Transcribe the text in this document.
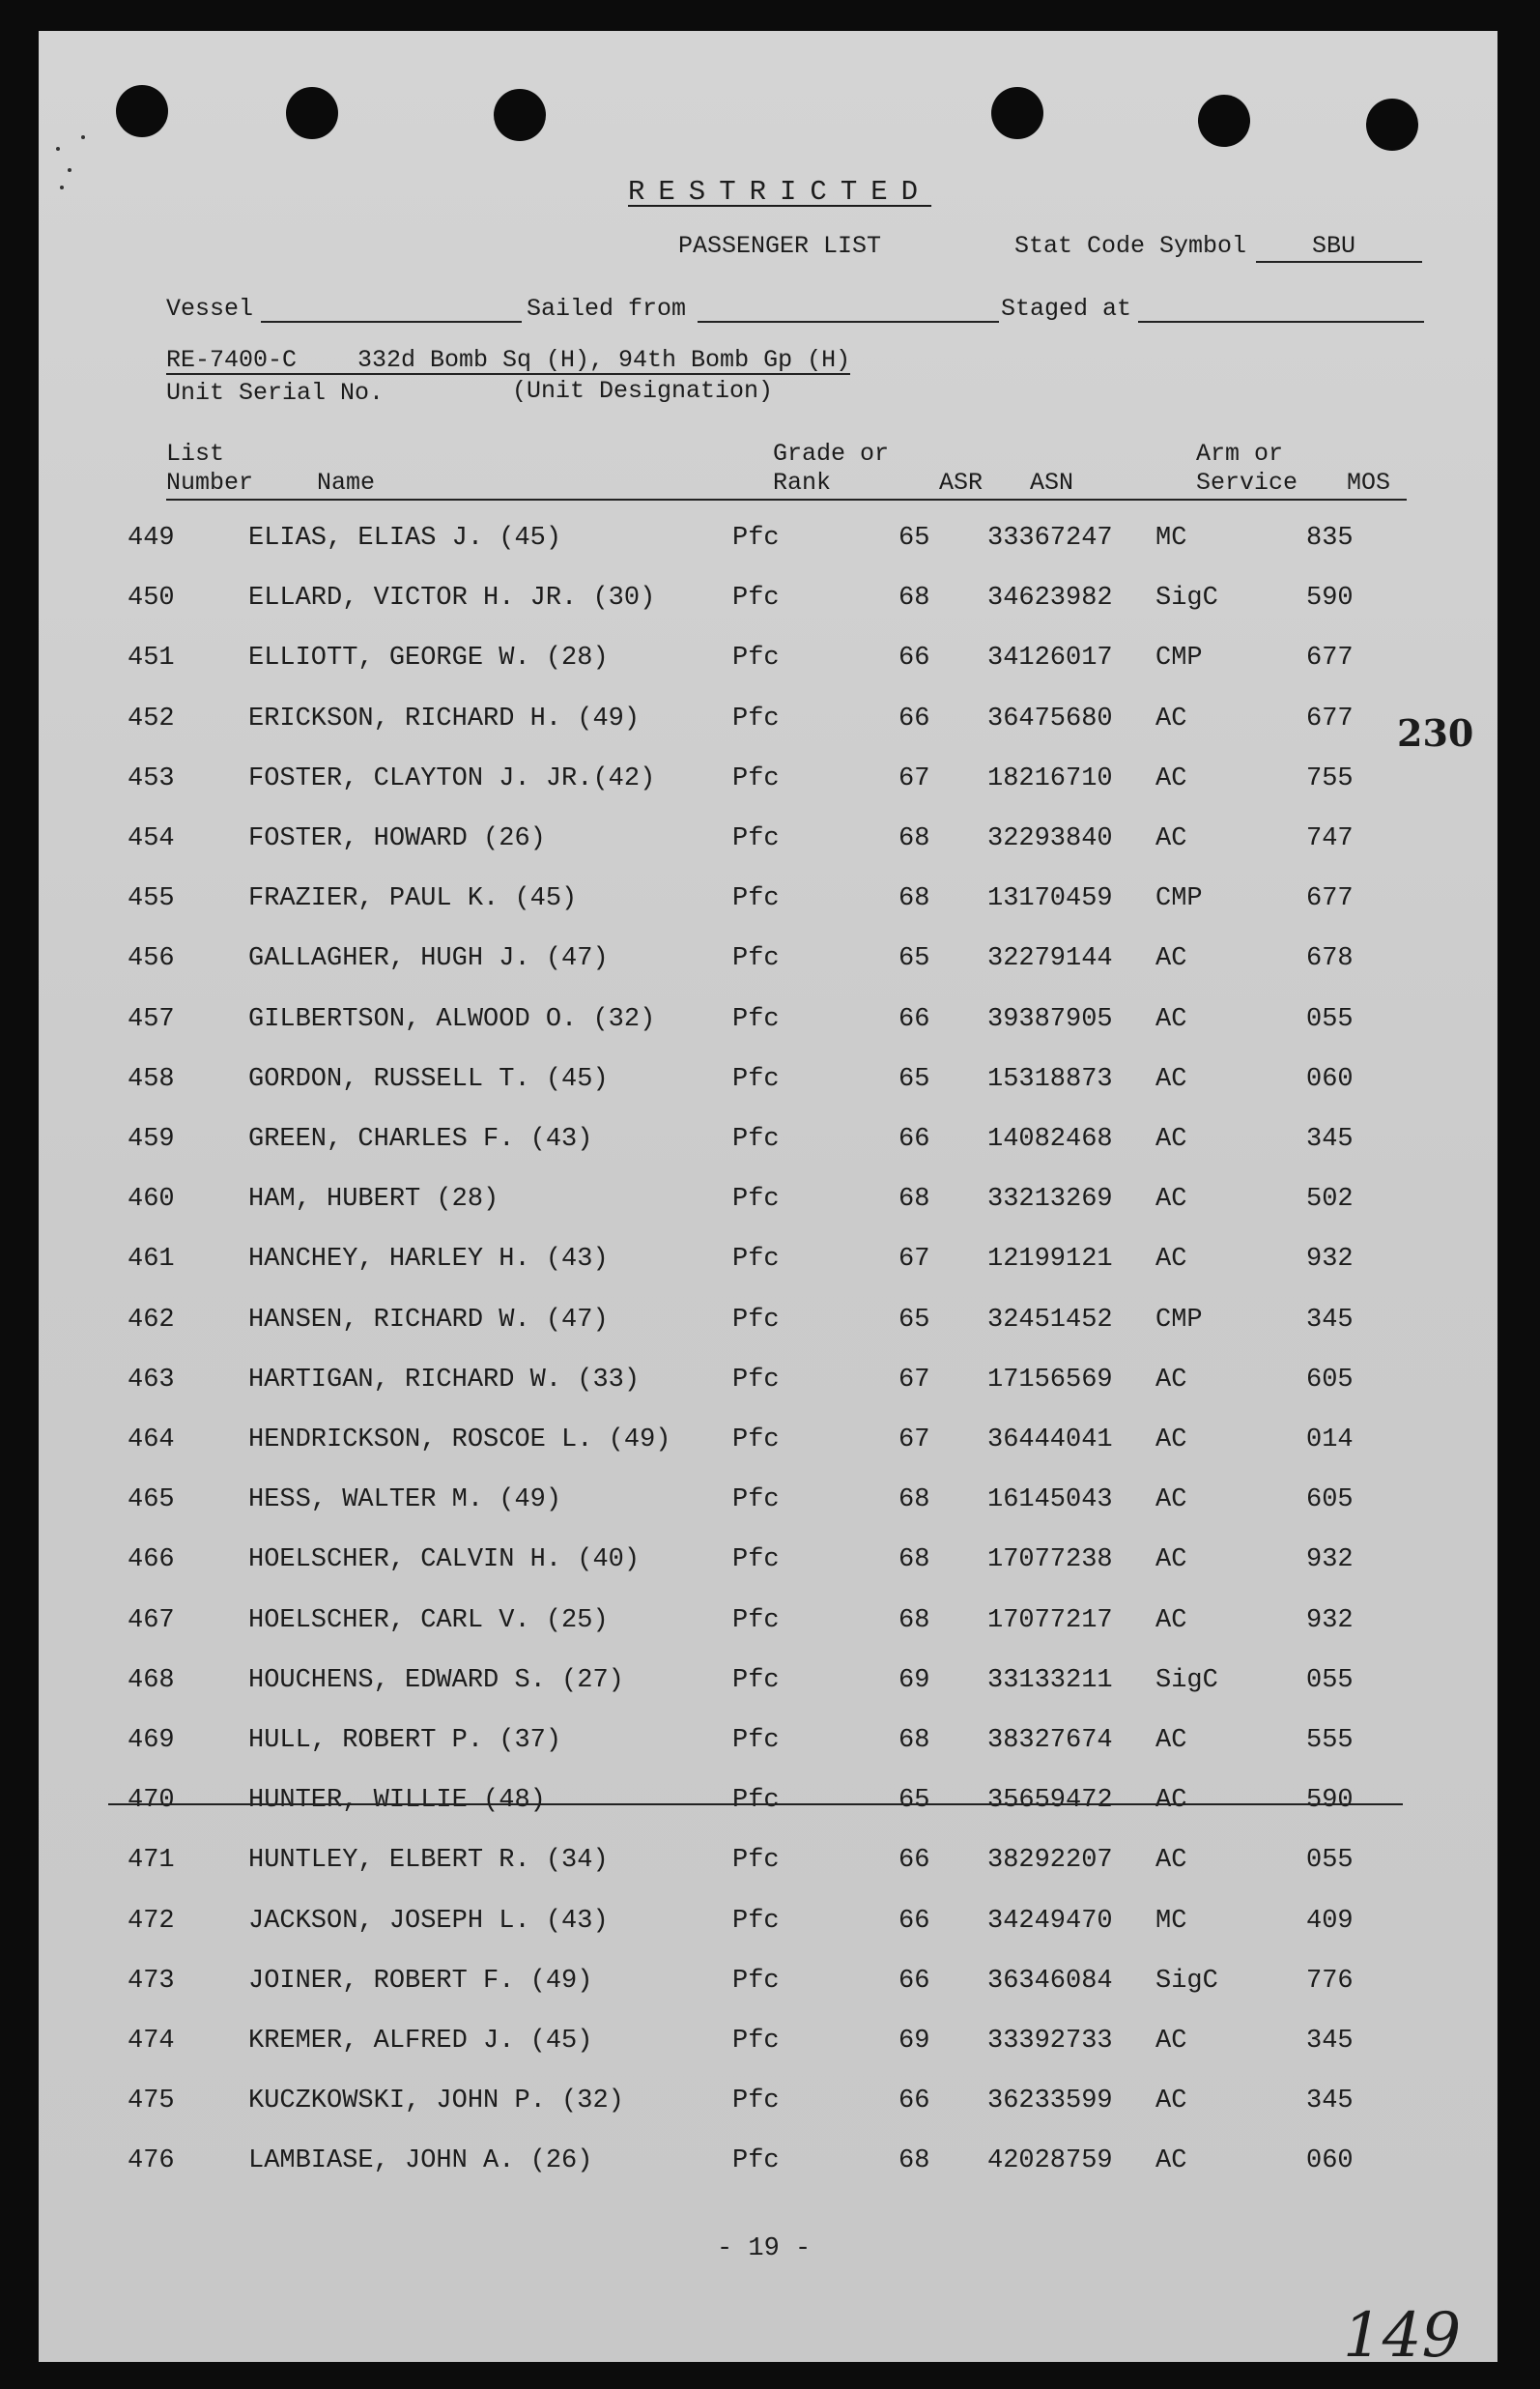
RESTRICTED
PASSENGER LIST	Stat Code Symbol	SBU
Vessel	Sailed from	Staged at
RE-7400-C	332d Bomb Sq (H), 94th Bomb Gp (H)
Unit Serial No.	(Unit Designation)
List
Number	Name
Grade or
Rank	ASR ASN
Arm or
Service MOS
449	ELIAS, ELIAS J. (45)	Pfc	65 33367247 MC	835
450	ELLARD, VICTOR H. JR. (30)	Pfc	68 34623982 SigC	590
451	ELLIOTT, GEORGE W. (28)	Pfc	66 34126017 CMP	677
452	ERICKSON, RICHARD H. (49)	Pfc	66 36475680 AC	677
453	FOSTER, CLAYTON J. JR.(42)	Pfc	67 18216710 AC	755
454	FOSTER, HOWARD (26)	Pfc	68 32293840 AC	747
455	FRAZIER, PAUL K. (45)	Pfc	68 13170459 CMP	677
456	GALLAGHER, HUGH J. (47)	Pfc	65 32279144 AC	678
457	GILBERTSON, ALWOOD O. (32)	Pfc	66 39387905 AC	055
458	GORDON, RUSSELL T. (45)	Pfc	65 15318873 AC	060
459	GREEN, CHARLES F. (43)	Pfc	66 14082468 AC	345
460	HAM, HUBERT (28)	Pfc	68 33213269 AC	502
461	HANCHEY, HARLEY H. (43)	Pfc	67 12199121 AC	932
462	HANSEN, RICHARD W. (47)	Pfc	65 32451452 CMP	345
463	HARTIGAN, RICHARD W. (33)	Pfc	67 17156569 AC	605
464	HENDRICKSON, ROSCOE L. (49) Pfc	67 36444041 AC	014
465	HESS, WALTER M. (49)	Pfc	68 16145043 AC	605
466	HOELSCHER, CALVIN H. (40)	Pfc	68 17077238 AC	932
467	HOELSCHER, CARL V. (25)	Pfc	68 17077217 AC	932
468	HOUCHENS, EDWARD S. (27)	Pfc	69 33133211 SigC	055
469	HULL, ROBERT P. (37)	Pfc	68 38327674 AC	555
470	HUNTER, WILLIE (48)	Pfc	65 35659472 AC	590
471	HUNTLEY, ELBERT R. (34)	Pfc	66 38292207 AC	055
472	JACKSON, JOSEPH L. (43)	Pfc	66 34249470 MC	409
473	JOINER, ROBERT F. (49)	Pfc	66 36346084 SigC	776
474	KREMER, ALFRED J. (45)	Pfc	69 33392733 AC	345
475	KUCZKOWSKI, JOHN P. (32)	Pfc	66 36233599 AC	345
476	LAMBIASE, JOHN A. (26)	Pfc	68 42028759 AC	060
230
- 19 -
149
